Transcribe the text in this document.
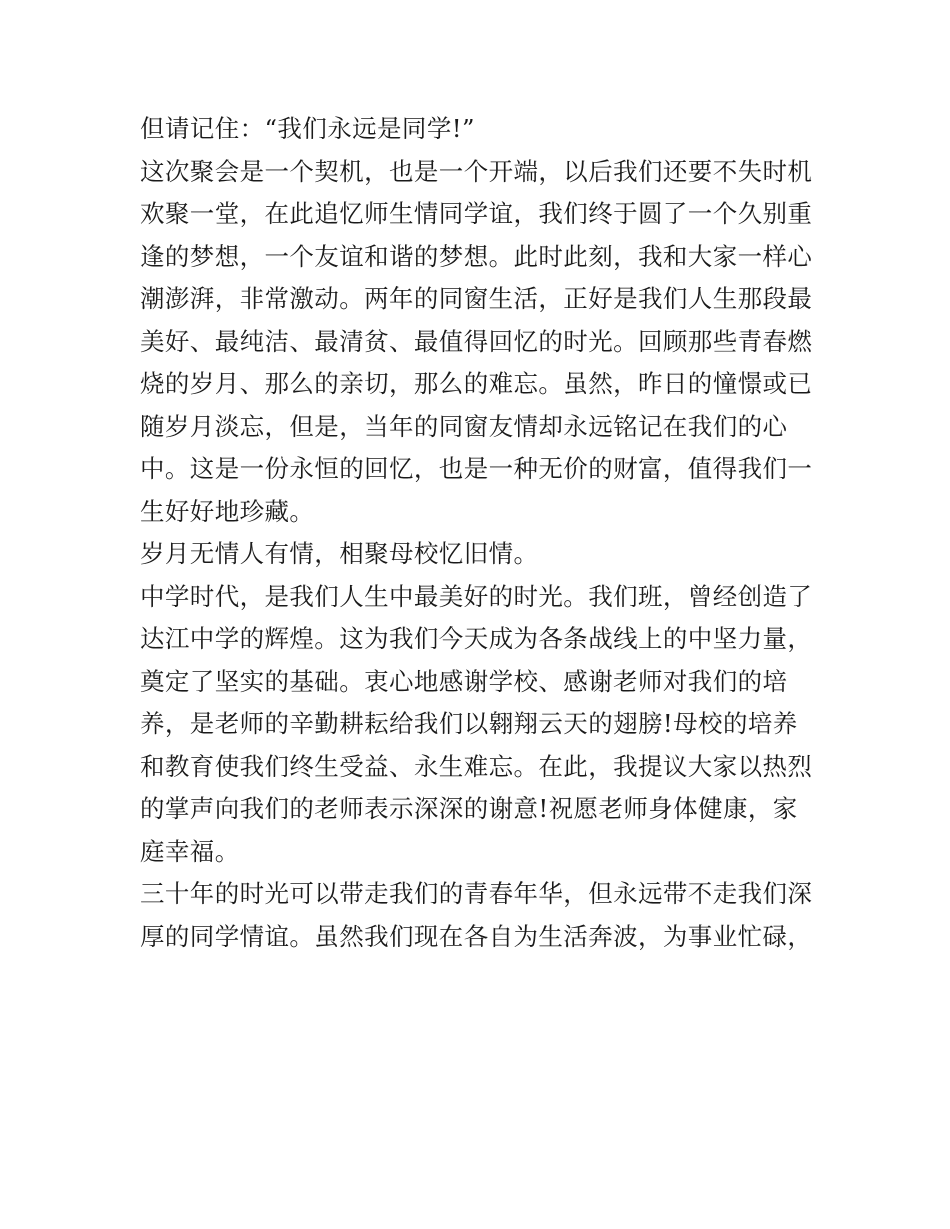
但请记住：“我们永远是同学!”
这次聚会是一个契机，也是一个开端，以后我们还要不失时机
欢聚一堂，在此追忆师生情同学谊，我们终于圆了一个久别重
逢的梦想，一个友谊和谐的梦想。此时此刻，我和大家一样心
潮澎湃，非常激动。两年的同窗生活，正好是我们人生那段最
美好、最纯洁、最清贫、最值得回忆的时光。回顾那些青春燃
烧的岁月、那么的亲切，那么的难忘。虽然，昨日的憧憬或已
随岁月淡忘，但是，当年的同窗友情却永远铭记在我们的心
中。这是一份永恒的回忆，也是一种无价的财富，值得我们一
生好好地珍藏。
岁月无情人有情，相聚母校忆旧情。
中学时代，是我们人生中最美好的时光。我们班，曾经创造了
达江中学的辉煌。这为我们今天成为各条战线上的中坚力量，
奠定了坚实的基础。衷心地感谢学校、感谢老师对我们的培
养，是老师的辛勤耕耘给我们以翱翔云天的翅膀!母校的培养
和教育使我们终生受益、永生难忘。在此，我提议大家以热烈
的掌声向我们的老师表示深深的谢意!祝愿老师身体健康，家
庭幸福。
三十年的时光可以带走我们的青春年华，但永远带不走我们深
厚的同学情谊。虽然我们现在各自为生活奔波，为事业忙碌，
